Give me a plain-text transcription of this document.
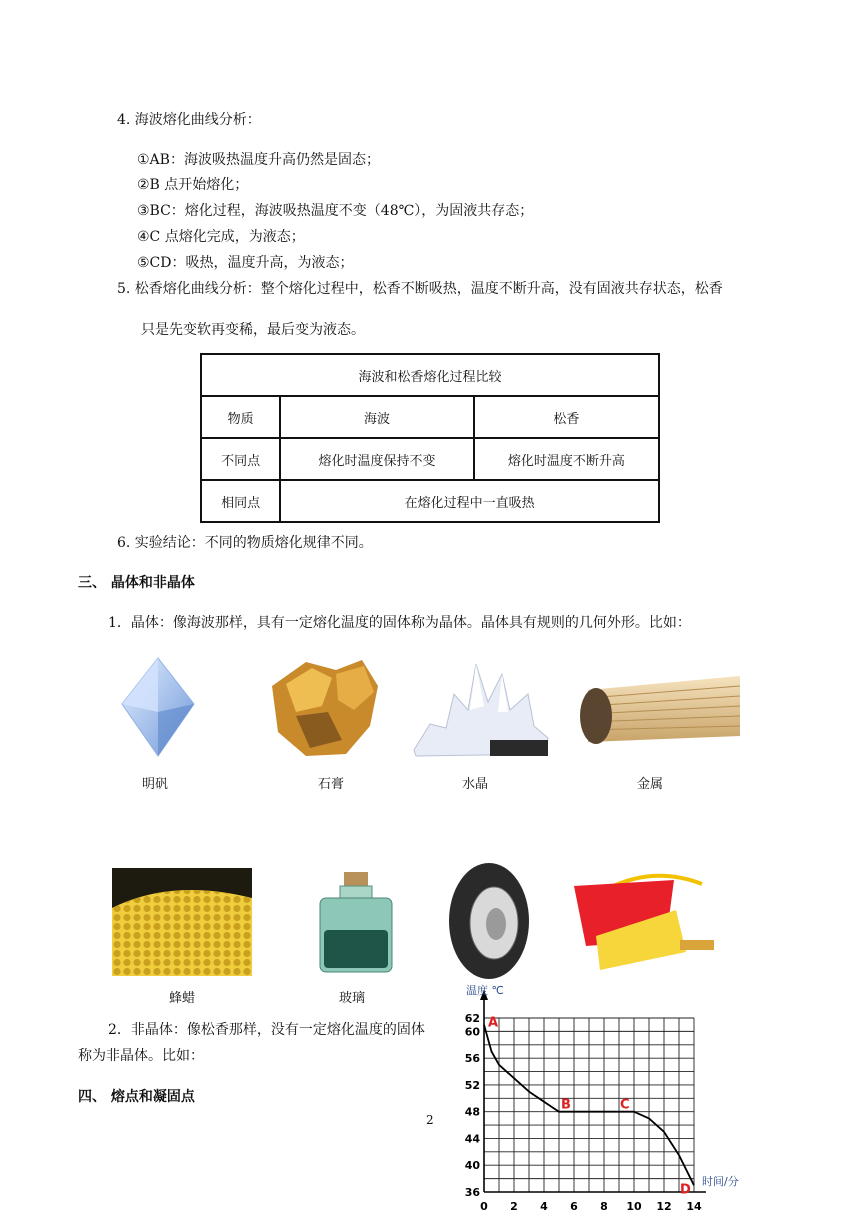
4. 海波熔化曲线分析：
①AB：海波吸热温度升高仍然是固态；
②B 点开始熔化；
③BC：熔化过程，海波吸热温度不变（48℃），为固液共存态；
④C 点熔化完成，为液态；
⑤CD：吸热，温度升高，为液态；
5. 松香熔化曲线分析：整个熔化过程中，松香不断吸热，温度不断升高，没有固液共存状态，松香
只是先变软再变稀，最后变为液态。
海波和松香熔化过程比较		
物质	海波	松香
不同点	熔化时温度保持不变	熔化时温度不断升高
相同点	在熔化过程中一直吸热	
6. 实验结论：不同的物质熔化规律不同。
三、 晶体和非晶体
1．晶体：像海波那样，具有一定熔化温度的固体称为晶体。晶体具有规则的几何外形。比如：
明矾	石膏	水晶	金属
蜂蜡	玻璃
2．非晶体：像松香那样，没有一定熔化温度的固体
称为非晶体。比如：
四、 熔点和凝固点
2
温度 ℃
时间/分
0 2 4 6 8 10 12 14
36
40
44
48
52
56
60
62 A
B	C
D
